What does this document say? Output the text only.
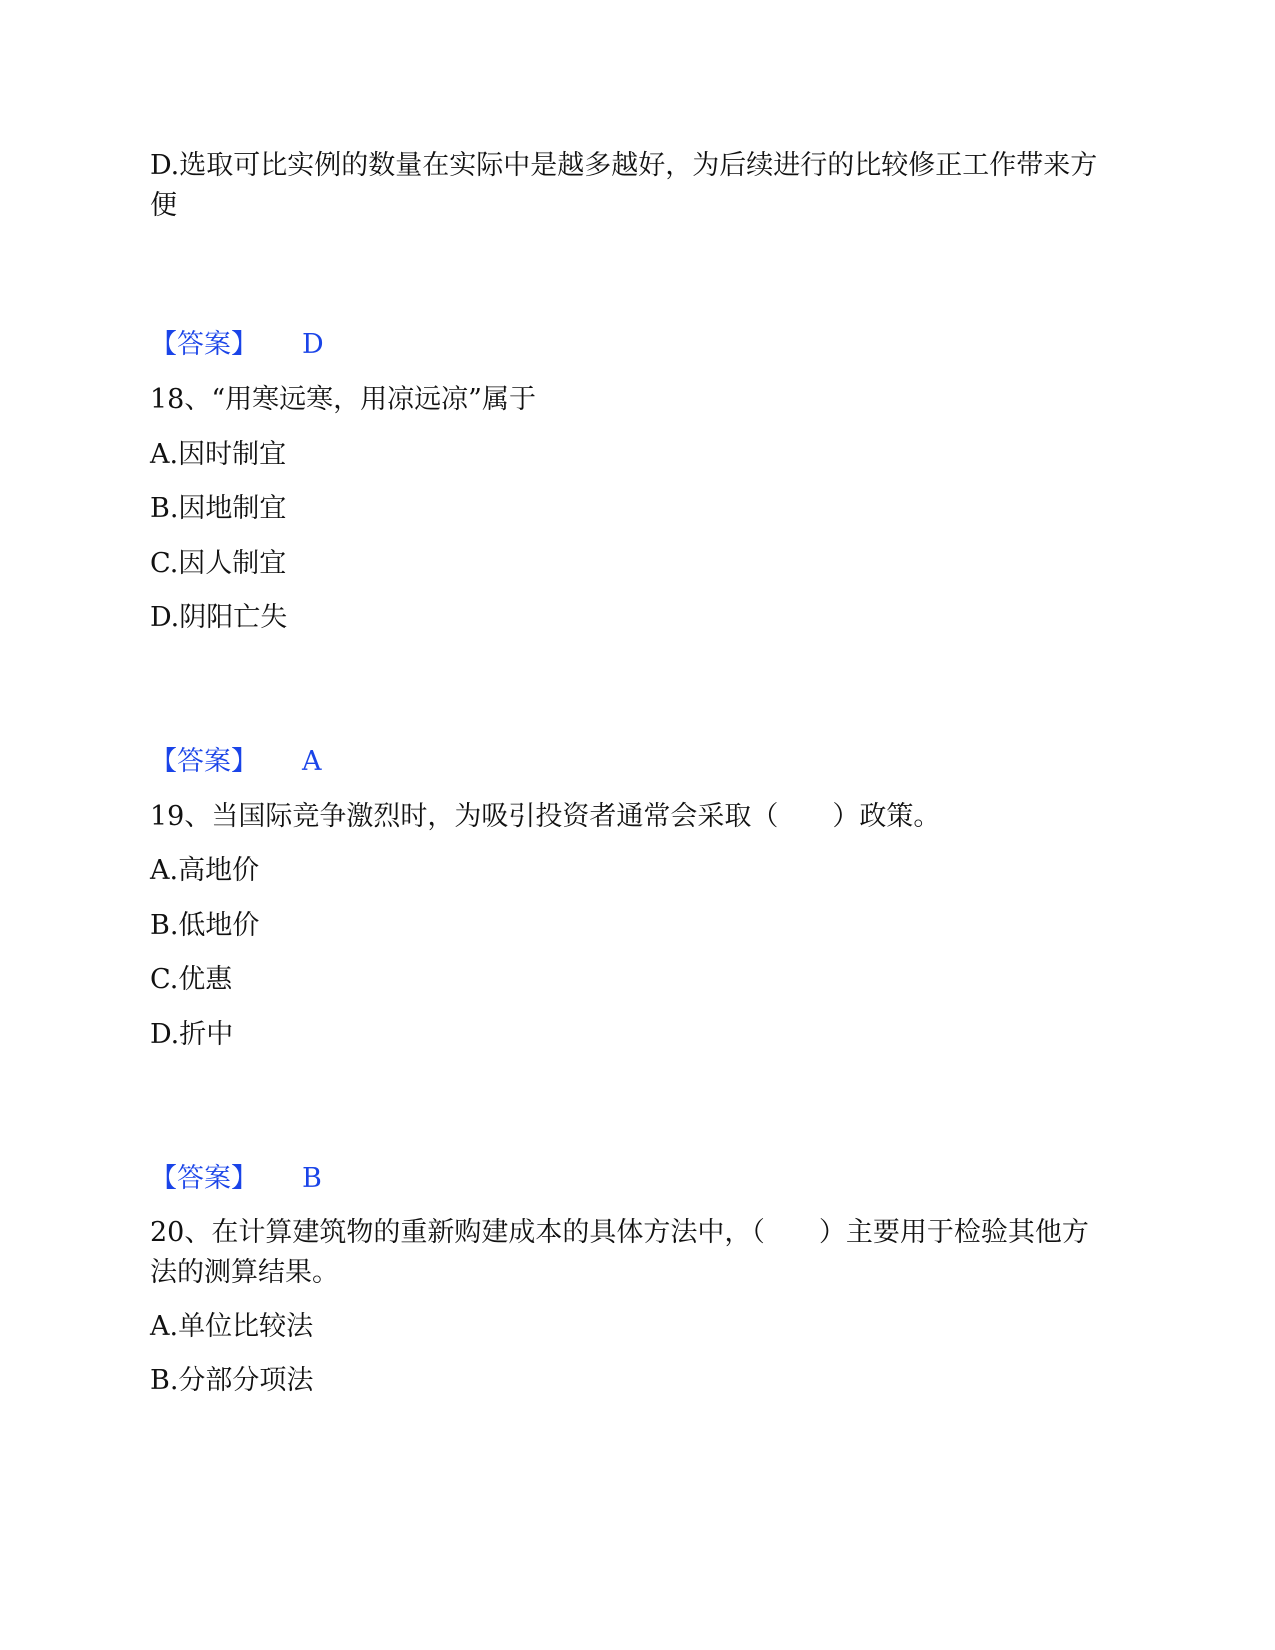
D.选取可比实例的数量在实际中是越多越好，为后续进行的比较修正工作带来方便
【答案】 D
18、“用寒远寒，用凉远凉”属于
A.因时制宜
B.因地制宜
C.因人制宜
D.阴阳亡失
【答案】 A
19、当国际竞争激烈时，为吸引投资者通常会采取（　　）政策。
A.高地价
B.低地价
C.优惠
D.折中
【答案】 B
20、在计算建筑物的重新购建成本的具体方法中，（　　）主要用于检验其他方法的测算结果。
A.单位比较法
B.分部分项法
